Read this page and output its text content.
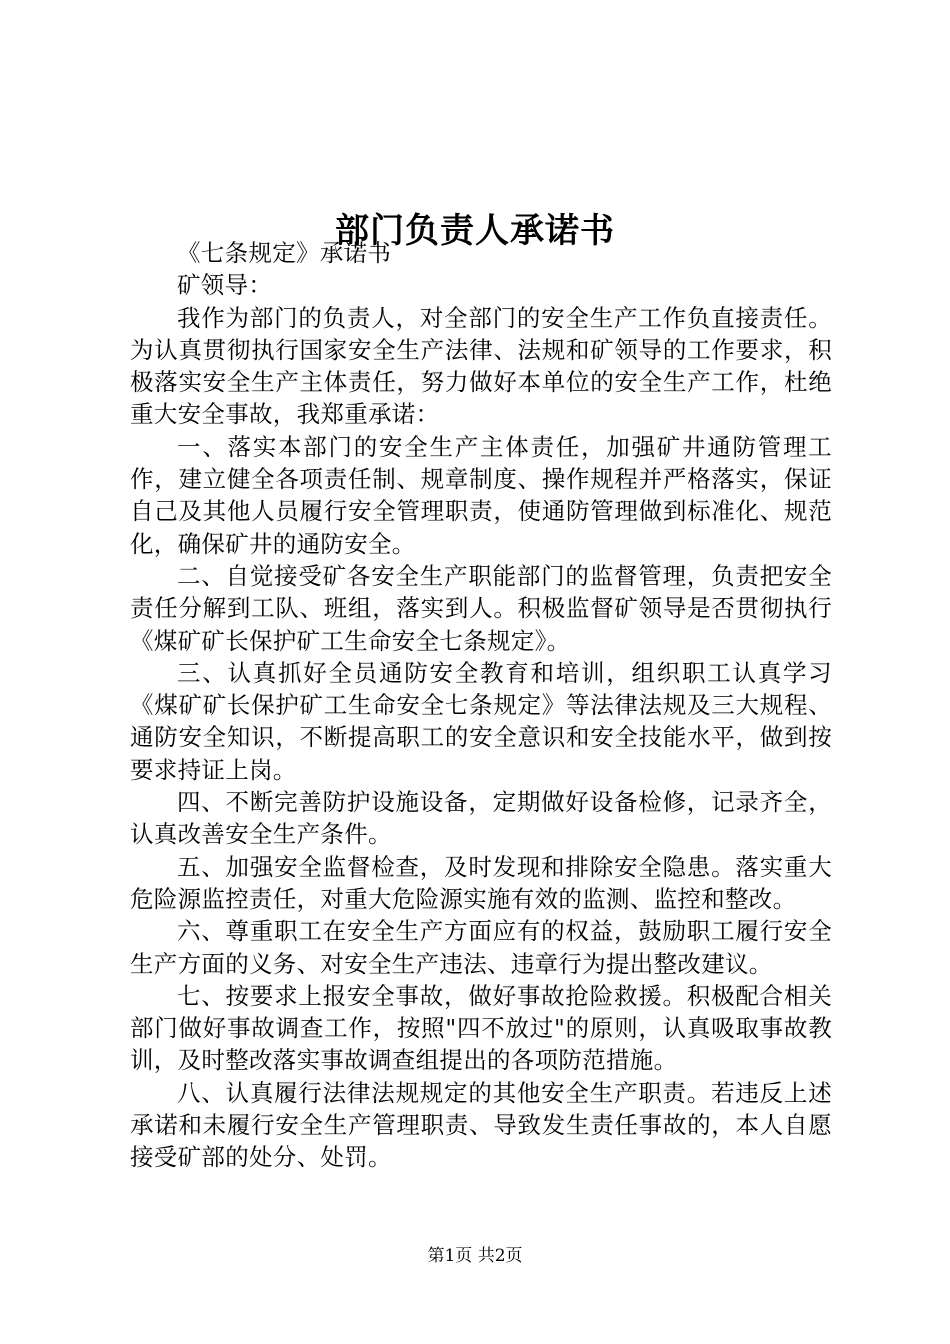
部门负责人承诺书

《七条规定》承诺书

矿领导：

我作为部门的负责人，对全部门的安全生产工作负直接责任。为认真贯彻执行国家安全生产法律、法规和矿领导的工作要求，积极落实安全生产主体责任，努力做好本单位的安全生产工作，杜绝重大安全事故，我郑重承诺：

一、落实本部门的安全生产主体责任，加强矿井通防管理工作，建立健全各项责任制、规章制度、操作规程并严格落实，保证自己及其他人员履行安全管理职责，使通防管理做到标准化、规范化，确保矿井的通防安全。

二、自觉接受矿各安全生产职能部门的监督管理，负责把安全责任分解到工队、班组，落实到人。积极监督矿领导是否贯彻执行《煤矿矿长保护矿工生命安全七条规定》。

三、认真抓好全员通防安全教育和培训，组织职工认真学习《煤矿矿长保护矿工生命安全七条规定》等法律法规及三大规程、通防安全知识，不断提高职工的安全意识和安全技能水平，做到按要求持证上岗。

四、不断完善防护设施设备，定期做好设备检修，记录齐全，认真改善安全生产条件。

五、加强安全监督检查，及时发现和排除安全隐患。落实重大危险源监控责任，对重大危险源实施有效的监测、监控和整改。

六、尊重职工在安全生产方面应有的权益，鼓励职工履行安全生产方面的义务、对安全生产违法、违章行为提出整改建议。

七、按要求上报安全事故，做好事故抢险救援。积极配合相关部门做好事故调查工作，按照"四不放过"的原则，认真吸取事故教训，及时整改落实事故调查组提出的各项防范措施。

八、认真履行法律法规规定的其他安全生产职责。若违反上述承诺和未履行安全生产管理职责、导致发生责任事故的，本人自愿接受矿部的处分、处罚。

第1页 共2页
